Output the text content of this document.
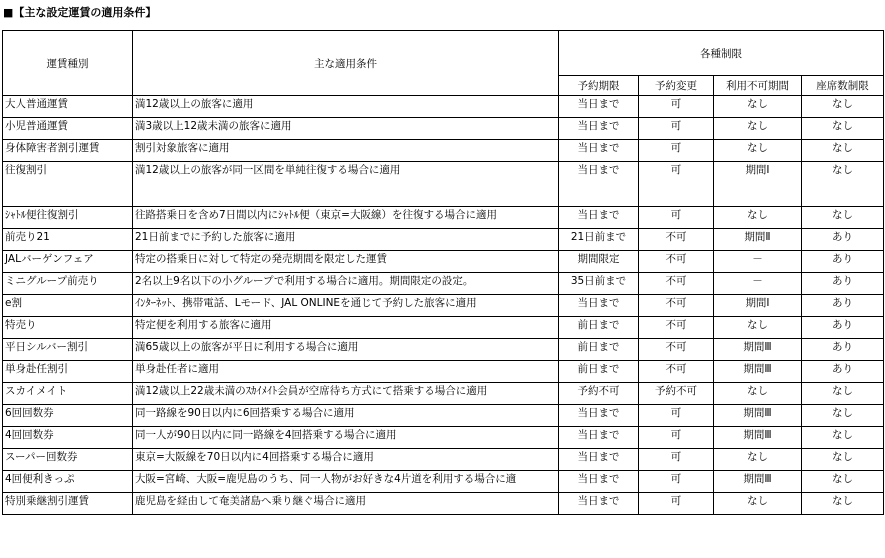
■【主な設定運賃の適用条件】
運賃種別	主な適用条件	各種制限			
		予約期限	予約変更	利用不可期間	座席数制限
大人普通運賃	満12歳以上の旅客に適用	当日まで	可	なし	なし
小児普通運賃	満3歳以上12歳未満の旅客に適用	当日まで	可	なし	なし
身体障害者割引運賃	割引対象旅客に適用	当日まで	可	なし	なし
往復割引	満12歳以上の旅客が同一区間を単純往復する場合に適用	当日まで	可	期間Ⅰ	なし
ｼｬﾄﾙ便往復割引	往路搭乗日を含め7日間以内にｼｬﾄﾙ便（東京=大阪線）を往復する場合に適用	当日まで	可	なし	なし
前売り21	21日前までに予約した旅客に適用	21日前まで	不可	期間Ⅱ	あり
JALバーゲンフェア	特定の搭乗日に対して特定の発売期間を限定した運賃	期間限定	不可	－	あり
ミニグループ前売り	2名以上9名以下の小グループで利用する場合に適用。期間限定の設定。	35日前まで	不可	－	あり
e割	ｲﾝﾀｰﾈｯﾄ、携帯電話、Lモード、JAL ONLINEを通じて予約した旅客に適用	当日まで	不可	期間Ⅰ	あり
特売り	特定便を利用する旅客に適用	前日まで	不可	なし	あり
平日シルバー割引	満65歳以上の旅客が平日に利用する場合に適用	前日まで	不可	期間Ⅲ	あり
単身赴任割引	単身赴任者に適用	前日まで	不可	期間Ⅲ	あり
スカイメイト	満12歳以上22歳未満のｽｶｲﾒｲﾄ会員が空席待ち方式にて搭乗する場合に適用	予約不可	予約不可	なし	なし
6回回数券	同一路線を90日以内に6回搭乗する場合に適用	当日まで	可	期間Ⅲ	なし
4回回数券	同一人が90日以内に同一路線を4回搭乗する場合に適用	当日まで	可	期間Ⅲ	なし
スーパー回数券	東京=大阪線を70日以内に4回搭乗する場合に適用	当日まで	可	なし	なし
4回便利きっぷ	大阪=宮崎、大阪=鹿児島のうち、同一人物がお好きな4片道を利用する場合に適	当日まで	可	期間Ⅲ	なし
特別乗継割引運賃	鹿児島を経由して奄美諸島へ乗り継ぐ場合に適用	当日まで	可	なし	なし
